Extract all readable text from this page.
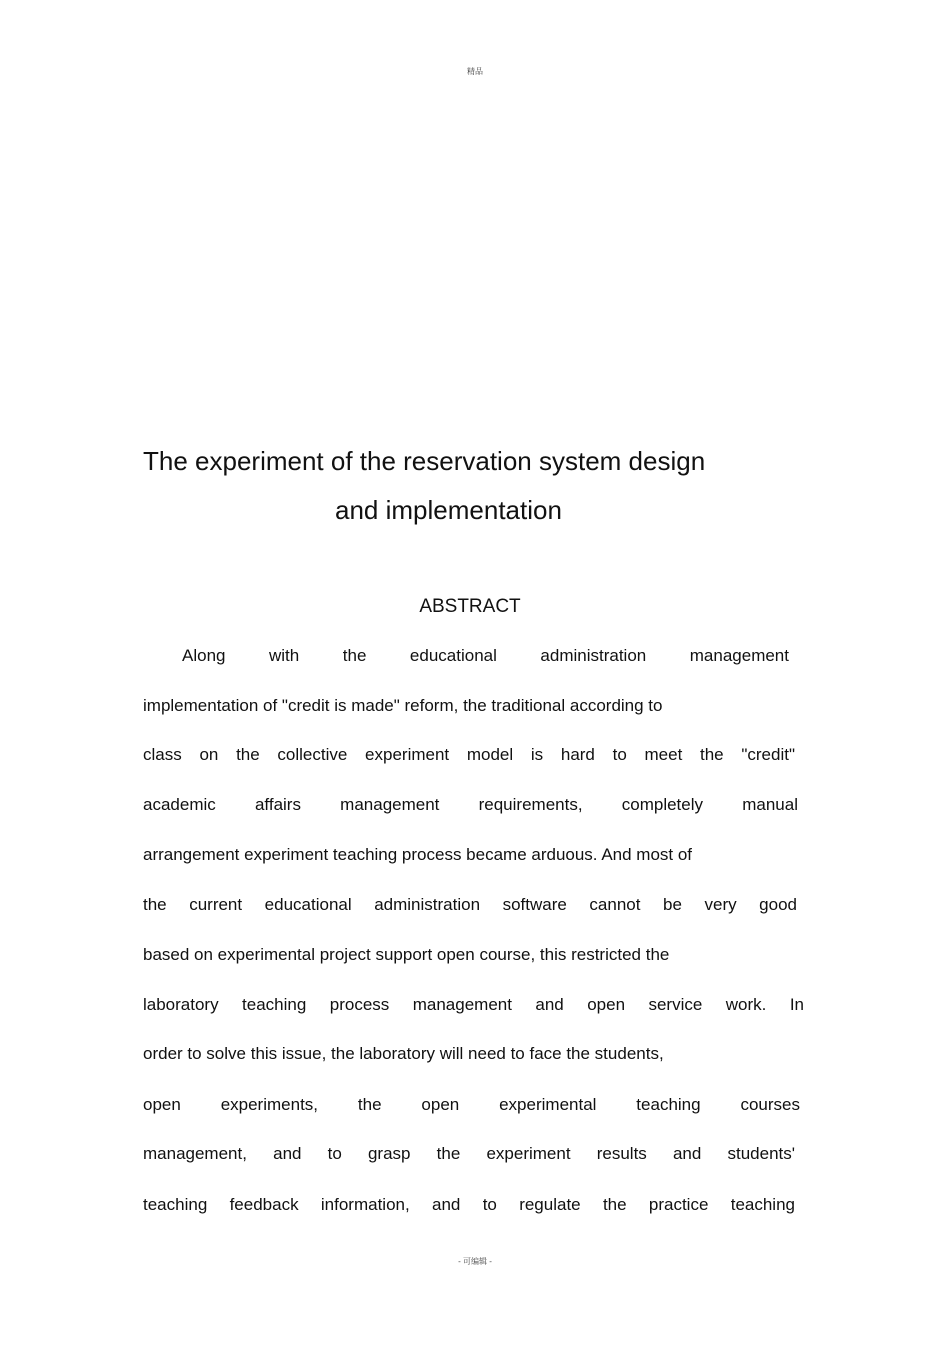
精品
The experiment of the reservation system design
and implementation
ABSTRACT
Along with the educational administration management
implementation of "credit is made" reform, the traditional according to
class on the collective experiment model is hard to meet the "credit"
academic affairs management requirements, completely manual
arrangement experiment teaching process became arduous. And most of
the current educational administration software cannot be very good
based on experimental project support open course, this restricted the
laboratory teaching process management and open service work. In
order to solve this issue, the laboratory will need to face the students,
open experiments, the open experimental teaching courses
management, and to grasp the experiment results and students'
teaching feedback information, and to regulate the practice teaching
- 可编辑 -
